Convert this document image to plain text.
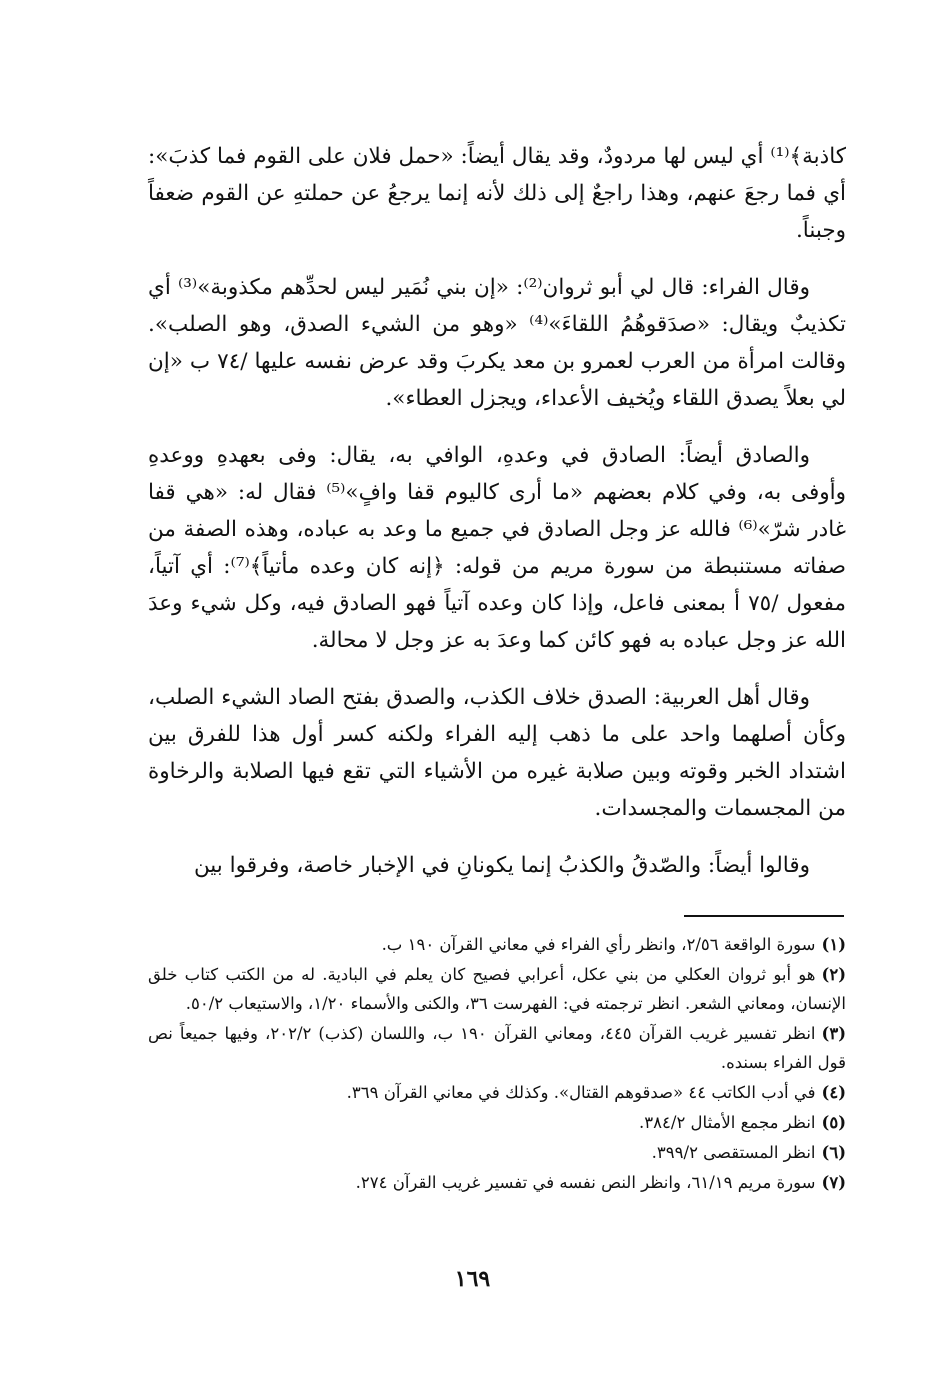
كاذبة﴾⁽¹⁾ أي ليس لها مردودٌ، وقد يقال أيضاً: «حمل فلان على القوم فما كذبَ»: أي فما رجعَ عنهم، وهذا راجعٌ إلى ذلك لأنه إنما يرجعُ عن حملتهِ عن القوم ضعفاً وجبناً.

وقال الفراء: قال لي أبو ثروان⁽²⁾: «إن بني نُمَير ليس لحدِّهم مكذوبة»⁽³⁾ أي تكذيبٌ ويقال: «صدَقوهُمُ اللقاءَ»⁽⁴⁾ «وهو من الشيء الصدق، وهو الصلب». وقالت امرأة من العرب لعمرو بن معد يكربَ وقد عرض نفسه عليها /٧٤ ب «إن لي بعلاً يصدق اللقاء ويُخيف الأعداء، ويجزل العطاء».

والصادق أيضاً: الصادق في وعدهِ، الوافي به، يقال: وفى بعهدهِ ووعدهِ وأوفى به، وفي كلام بعضهم «ما أرى كاليوم قفا وافٍ»⁽⁵⁾ فقال له: «هي قفا غادر شرّ»⁽⁶⁾ فالله عز وجل الصادق في جميع ما وعد به عباده، وهذه الصفة من صفاته مستنبطة من سورة مريم من قوله: ﴿إنه كان وعده مأتياً﴾⁽⁷⁾: أي آتياً، مفعول /٧٥ أ بمعنى فاعل، وإذا كان وعده آتياً فهو الصادق فيه، وكل شيء وعدَ الله عز وجل عباده به فهو كائن كما وعدَ به عز وجل لا محالة.

وقال أهل العربية: الصدق خلاف الكذب، والصدق بفتح الصاد الشيء الصلب، وكأن أصلهما واحد على ما ذهب إليه الفراء ولكنه كسر أول هذا للفرق بين اشتداد الخبر وقوته وبين صلابة غيره من الأشياء التي تقع فيها الصلابة والرخاوة من المجسمات والمجسدات.

وقالوا أيضاً: والصّدقُ والكذبُ إنما يكونانِ في الإخبار خاصة، وفرقوا بين

(١)سورة الواقعة ٢/٥٦، وانظر رأي الفراء في معاني القرآن ١٩٠ ب.

(٢)هو أبو ثروان العكلي من بني عكل، أعرابي فصيح كان يعلم في البادية. له من الكتب كتاب خلق الإنسان، ومعاني الشعر. انظر ترجمته في: الفهرست ٣٦، والكنى والأسماء ١/٢٠، والاستيعاب ٥٠/٢.

(٣)انظر تفسير غريب القرآن ٤٤٥، ومعاني القرآن ١٩٠ ب، واللسان (كذب) ٢٠٢/٢، وفيها جميعاً نص قول الفراء بسنده.

(٤)في أدب الكاتب ٤٤ «صدقوهم القتال». وكذلك في معاني القرآن ٣٦٩.

(٥)انظر مجمع الأمثال ٣٨٤/٢.

(٦)انظر المستقصى ٣٩٩/٢.

(٧)سورة مريم ٦١/١٩، وانظر النص نفسه في تفسير غريب القرآن ٢٧٤.

١٦٩
